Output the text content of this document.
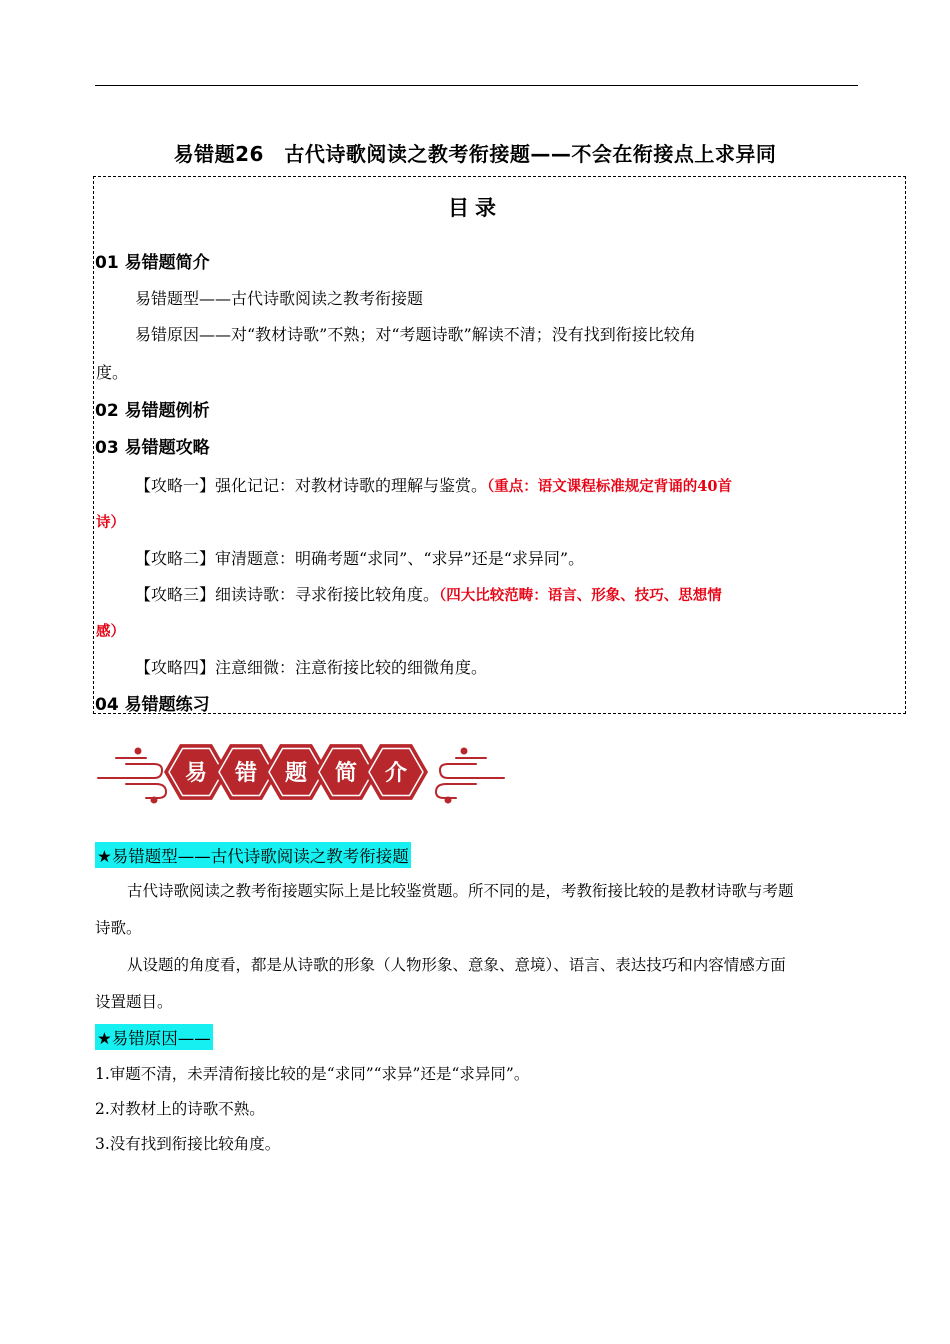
易错题26　古代诗歌阅读之教考衔接题——不会在衔接点上求异同
目录
01 易错题简介
易错题型——古代诗歌阅读之教考衔接题
易错原因——对“教材诗歌”不熟；对“考题诗歌”解读不清；没有找到衔接比较角
度。
02 易错题例析
03 易错题攻略
【攻略一】强化记记：对教材诗歌的理解与鉴赏。（重点：语文课程标准规定背诵的40首
诗）
【攻略二】审清题意：明确考题“求同”、“求异”还是“求异同”。
【攻略三】细读诗歌：寻求衔接比较角度。（四大比较范畴：语言、形象、技巧、思想情
感）
【攻略四】注意细微：注意衔接比较的细微角度。
04 易错题练习
易 错 题 简 介
★易错题型——古代诗歌阅读之教考衔接题
古代诗歌阅读之教考衔接题实际上是比较鉴赏题。所不同的是，考教衔接比较的是教材诗歌与考题
诗歌。
从设题的角度看，都是从诗歌的形象（人物形象、意象、意境）、语言、表达技巧和内容情感方面
设置题目。
★易错原因——
1.审题不清，未弄清衔接比较的是“求同”“求异”还是“求异同”。
2.对教材上的诗歌不熟。
3.没有找到衔接比较角度。
